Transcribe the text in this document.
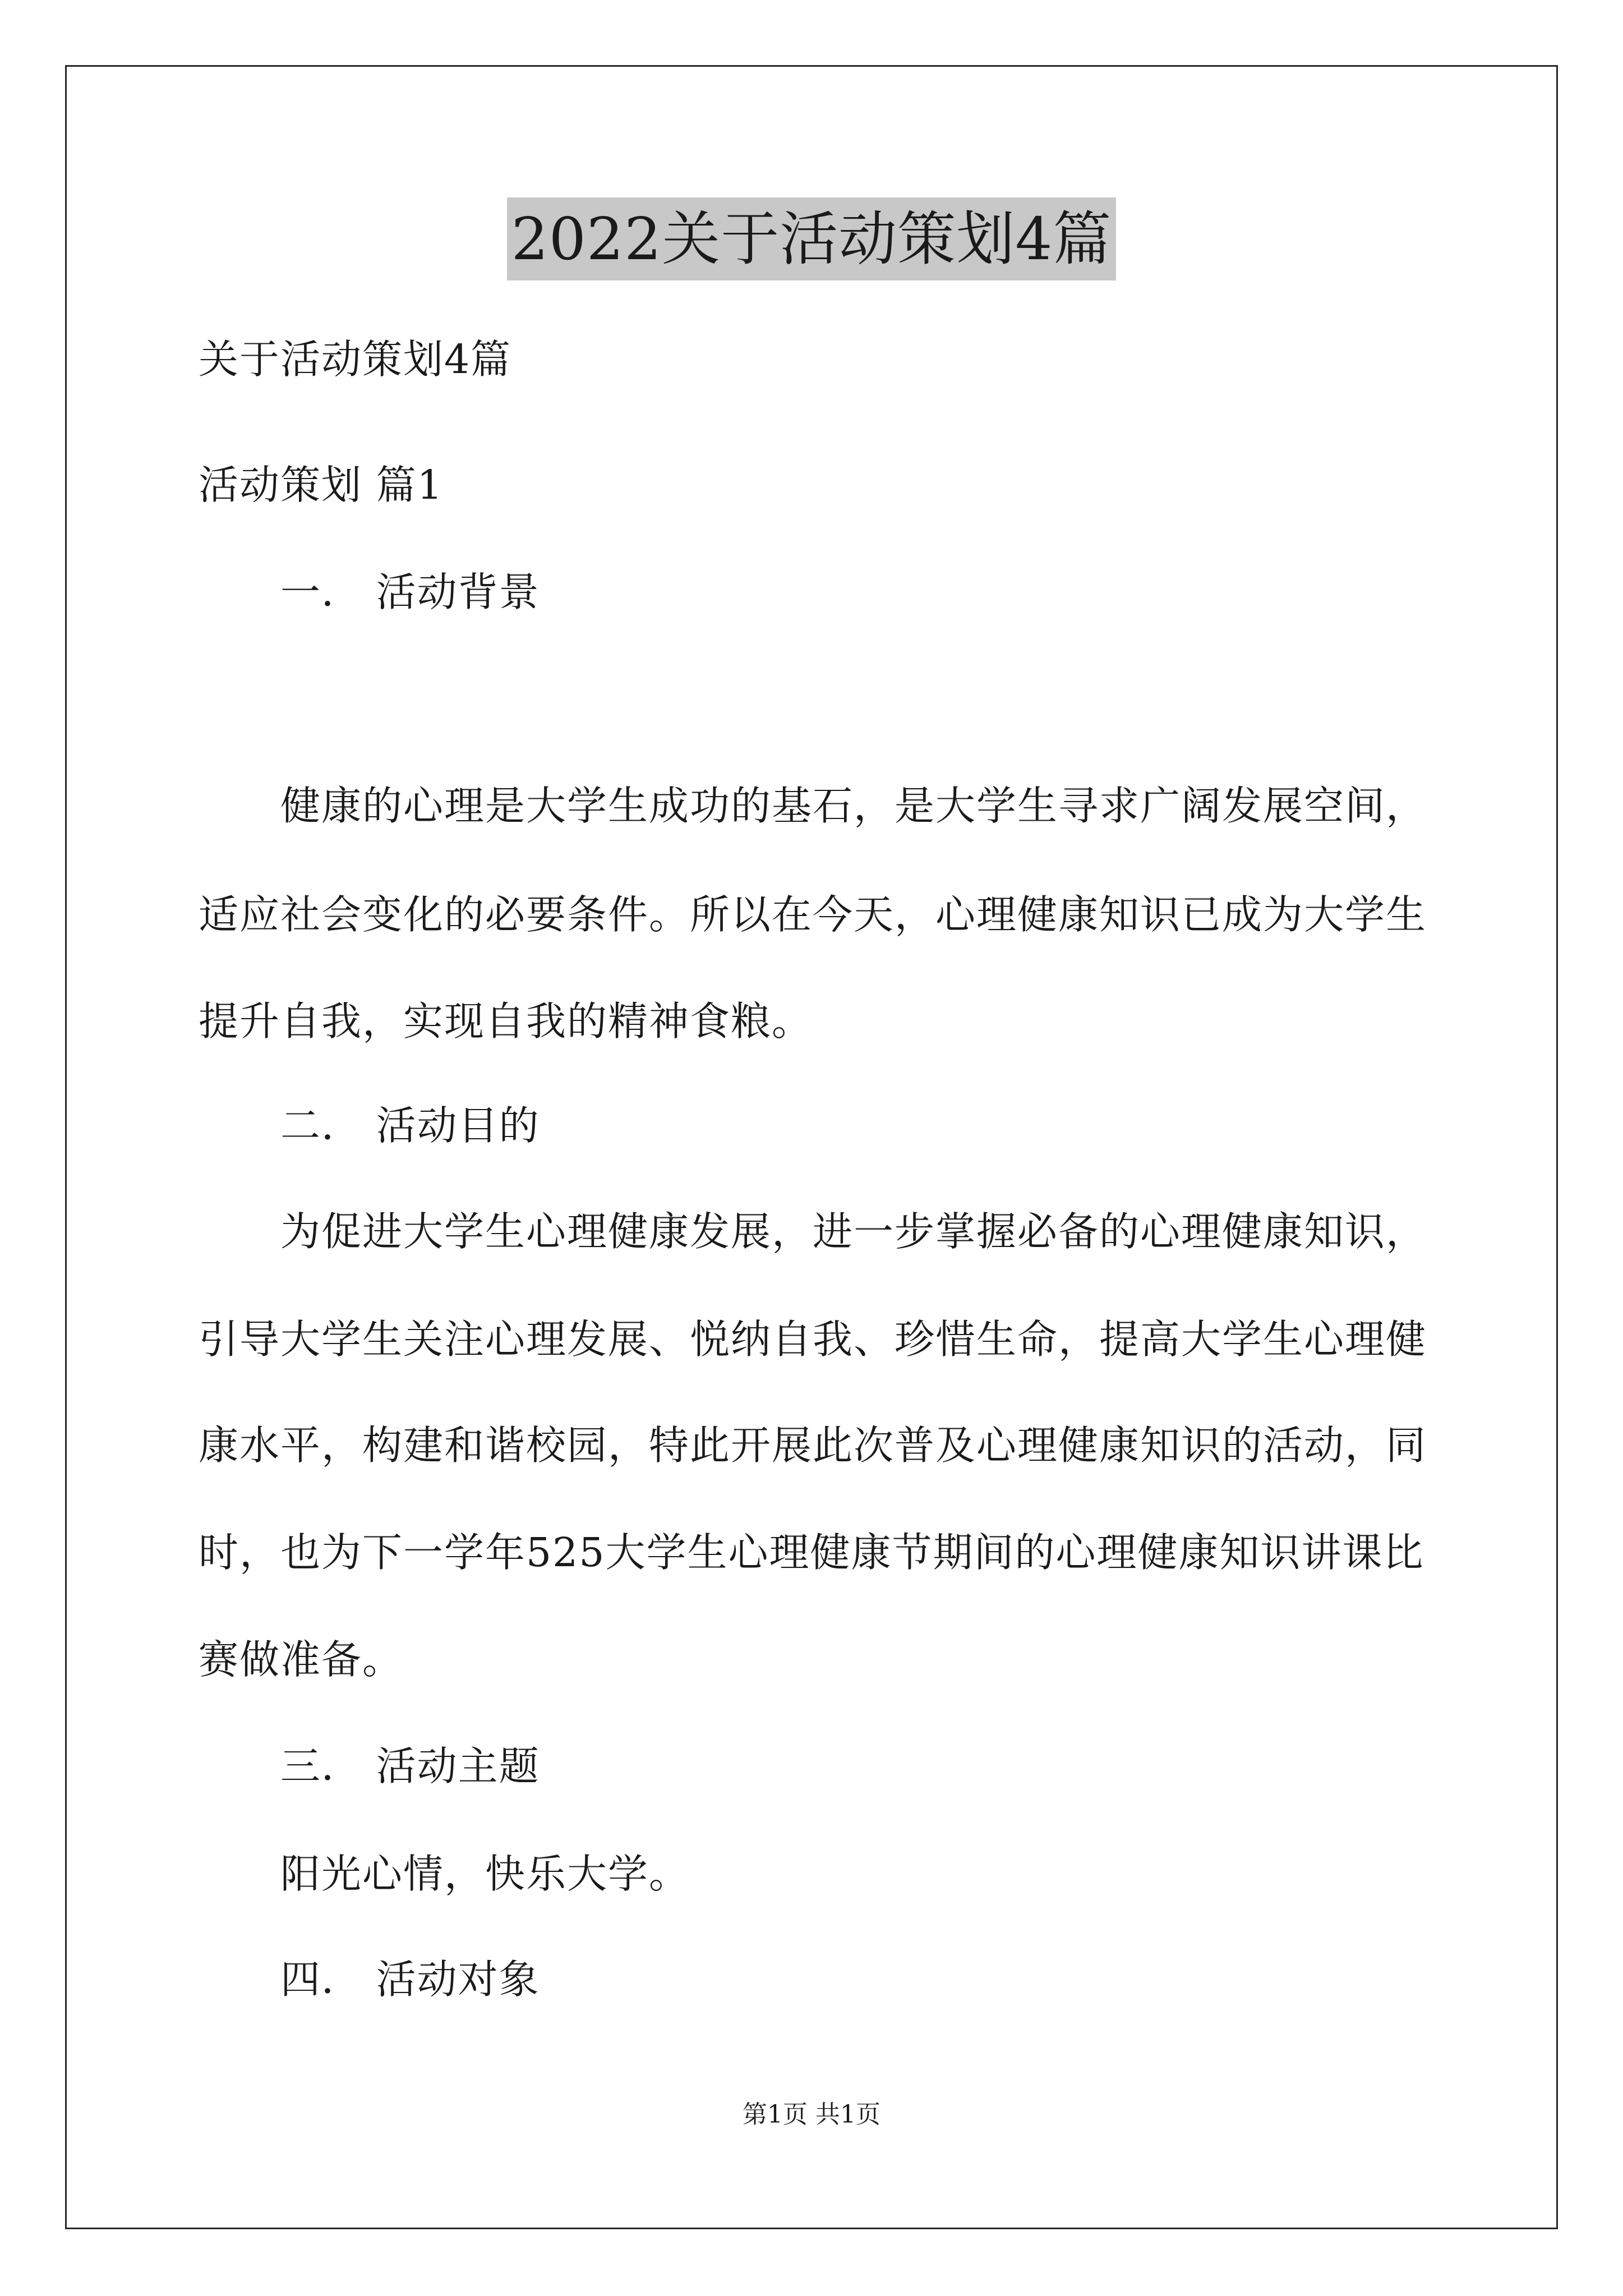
2022关于活动策划4篇
关于活动策划4篇
活动策划 篇1
一． 活动背景
健康的心理是大学生成功的基石，是大学生寻求广阔发展空间，
适应社会变化的必要条件。所以在今天，心理健康知识已成为大学生
提升自我，实现自我的精神食粮。
二． 活动目的
为促进大学生心理健康发展，进一步掌握必备的心理健康知识，
引导大学生关注心理发展、悦纳自我、珍惜生命，提高大学生心理健
康水平，构建和谐校园，特此开展此次普及心理健康知识的活动，同
时，也为下一学年525大学生心理健康节期间的心理健康知识讲课比
赛做准备。
三． 活动主题
阳光心情，快乐大学。
四． 活动对象
第1页 共1页
